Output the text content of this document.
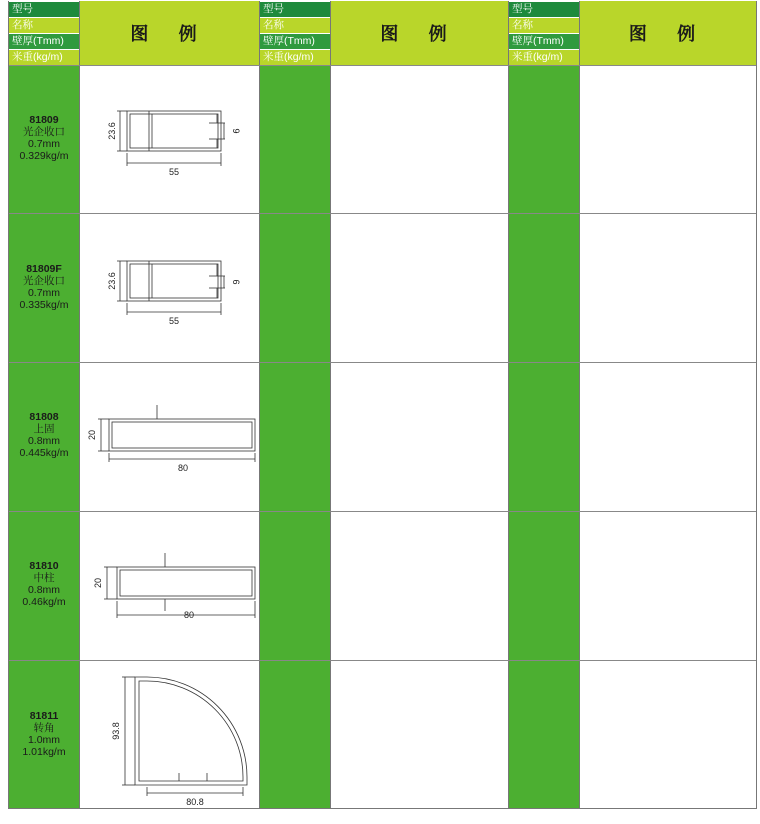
型号
名称
壁厚(Tmm)
米重(kg/m)
图 例
型号
名称
壁厚(Tmm)
米重(kg/m)
图 例
型号
名称
壁厚(Tmm)
米重(kg/m)
图 例
81809
光企收口
0.7mm
0.329kg/m
81809F
光企收口
0.7mm
0.335kg/m
81808
上固
0.8mm
0.445kg/m
81810
中柱
0.8mm
0.46kg/m
81811
转角
1.0mm
1.01kg/m
55
23.6	9
55
23.6	6
80
20
80
20
80.8
93.8
